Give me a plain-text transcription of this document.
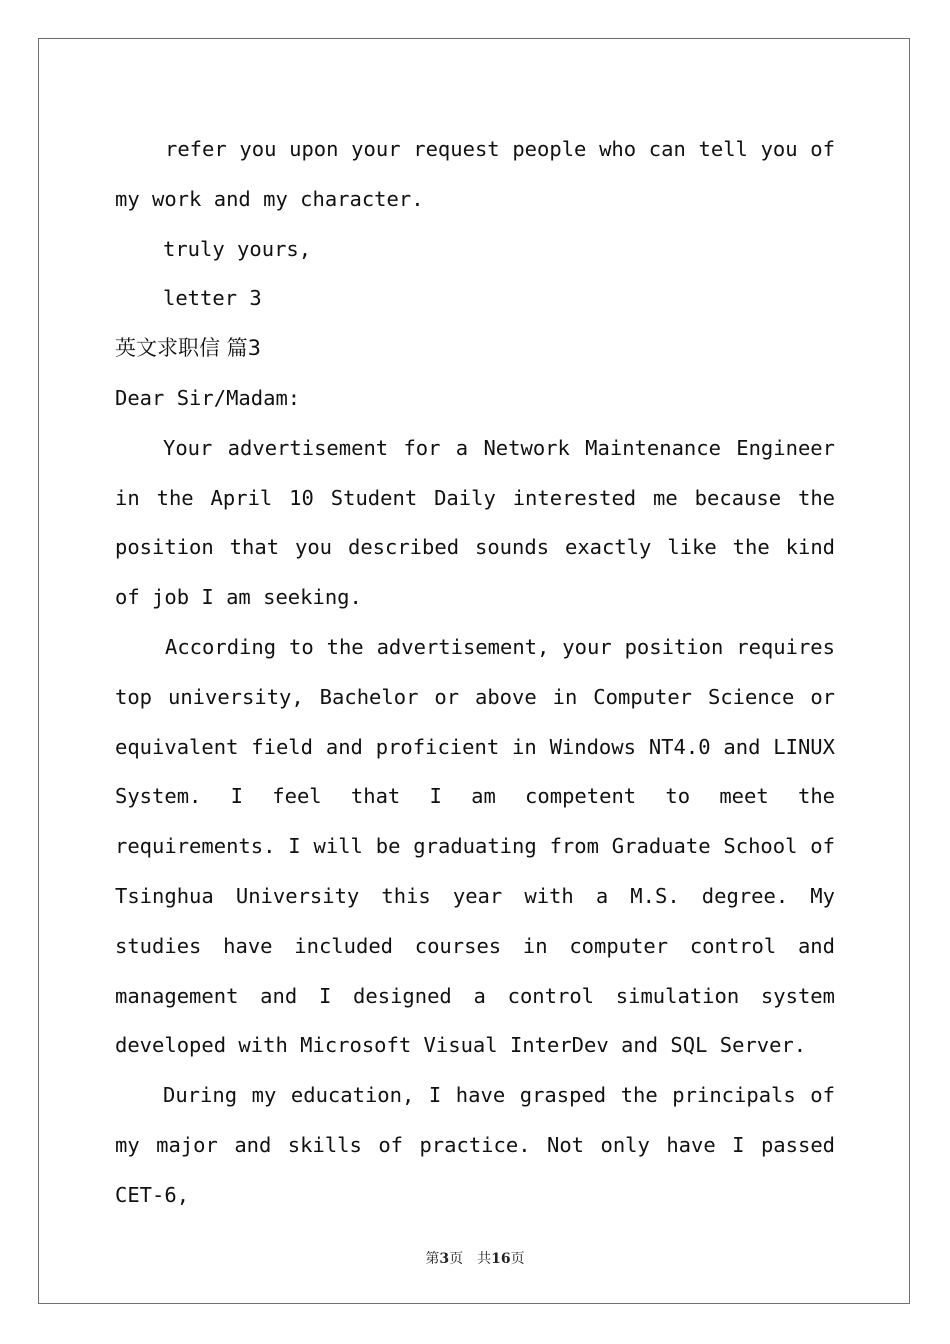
refer you upon your request people who can tell you of my work and my character.

truly yours,

letter 3

英文求职信 篇3

Dear Sir/Madam:

Your advertisement for a Network Maintenance Engineer in the April 10 Student Daily interested me because the position that you described sounds exactly like the kind of job I am seeking.

According to the advertisement, your position requires top university, Bachelor or above in Computer Science or equivalent field and proficient in Windows NT4.0 and LINUX System. I feel that I am competent to meet the requirements. I will be graduating from Graduate School of Tsinghua University this year with a M.S. degree. My studies have included courses in computer control and management and I designed a control simulation system developed with Microsoft Visual InterDev and SQL Server.

During my education, I have grasped the principals of my major and skills of practice. Not only have I passed CET-6,

第3页　共16页
